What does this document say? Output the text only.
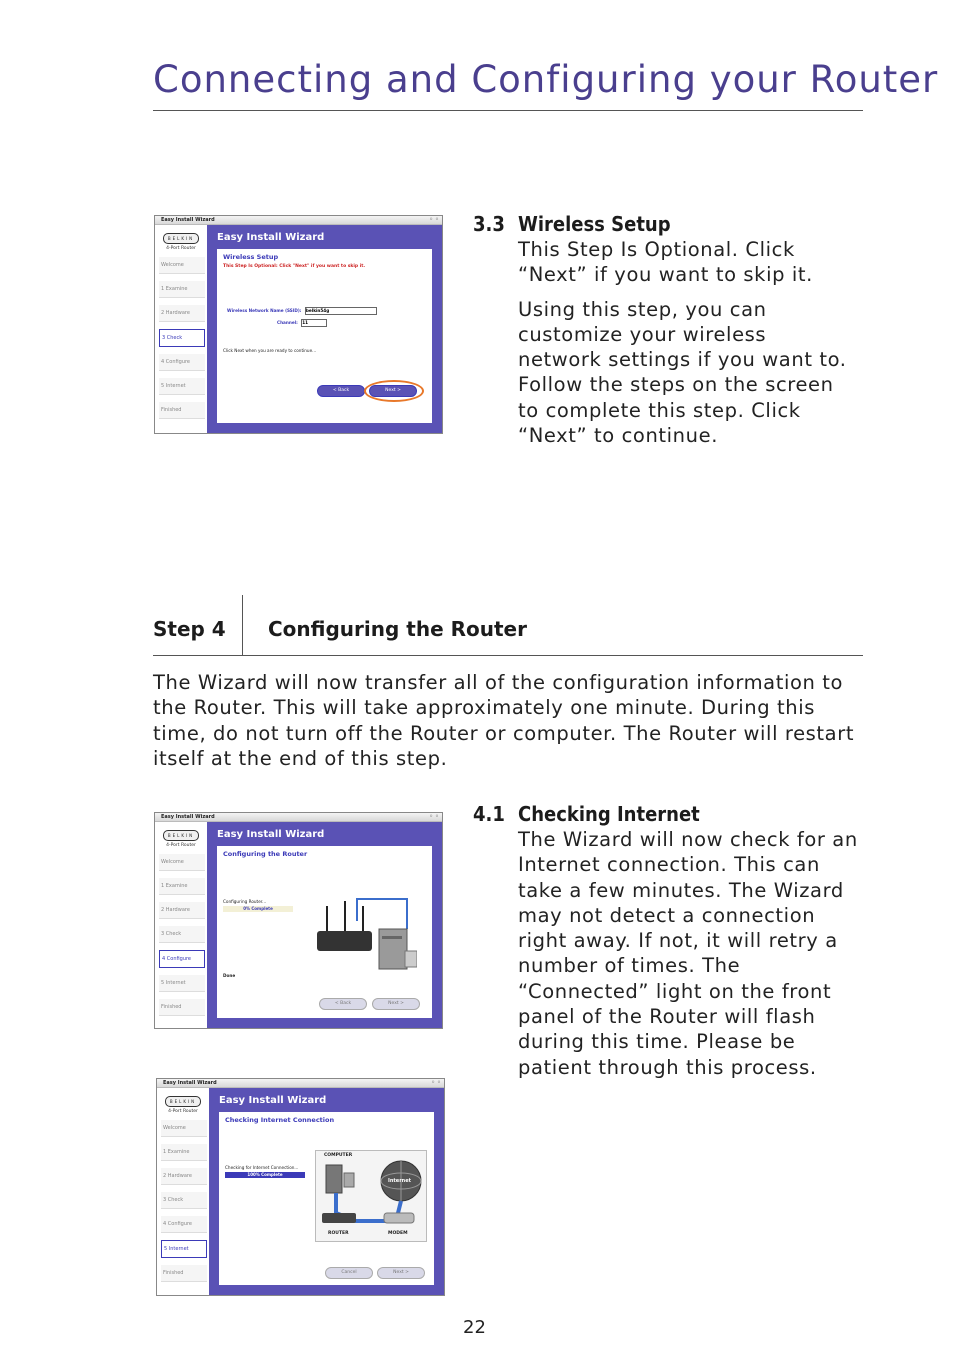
Connecting and Configuring your Router
Easy Install Wizard	◦ ◦
BELKIN
4-Port Router
Welcome
1 Examine
2 Hardware
3 Check
4 Configure
5 Internet
Finished
Easy Install Wizard
Wireless Setup
This Step Is Optional: Click "Next" if you want to skip it.
Wireless Network Name (SSID): belkin54g
Channel: 11
Click Next when you are ready to continue...
< Back	Next >
3.3 Wireless Setup

This Step Is Optional. Click “Next” if you want to skip it.

Using this step, you can customize your wireless network settings if you want to. Follow the steps on the screen to complete this step. Click “Next” to continue.

Step 4 Configuring the Router
The Wizard will now transfer all of the configuration information to the Router. This will take approximately one minute. During this time, do not turn off the Router or computer. The Router will restart itself at the end of this step.
Easy Install Wizard	◦ ◦
BELKIN
4-Port Router
Welcome
1 Examine
2 Hardware
3 Check
4 Configure
5 Internet
Finished
Easy Install Wizard
Configuring the Router
Configuring Router...
0% Complete
Done
< Back	Next >
4.1 Checking Internet
The Wizard will now check for an Internet connection. This can take a few minutes. The Wizard may not detect a connection right away. If not, it will retry a number of times. The “Connected” light on the front panel of the Router will flash during this time. Please be patient through this process.
Easy Install Wizard	◦ ◦
BELKIN
4-Port Router
Welcome
1 Examine
2 Hardware
3 Check
4 Configure
5 Internet
Finished
Easy Install Wizard
Checking Internet Connection
Checking for Internet Connection...
100% Complete
COMPUTER
Internet
ROUTER	MODEM
Cancel	Next >
22
